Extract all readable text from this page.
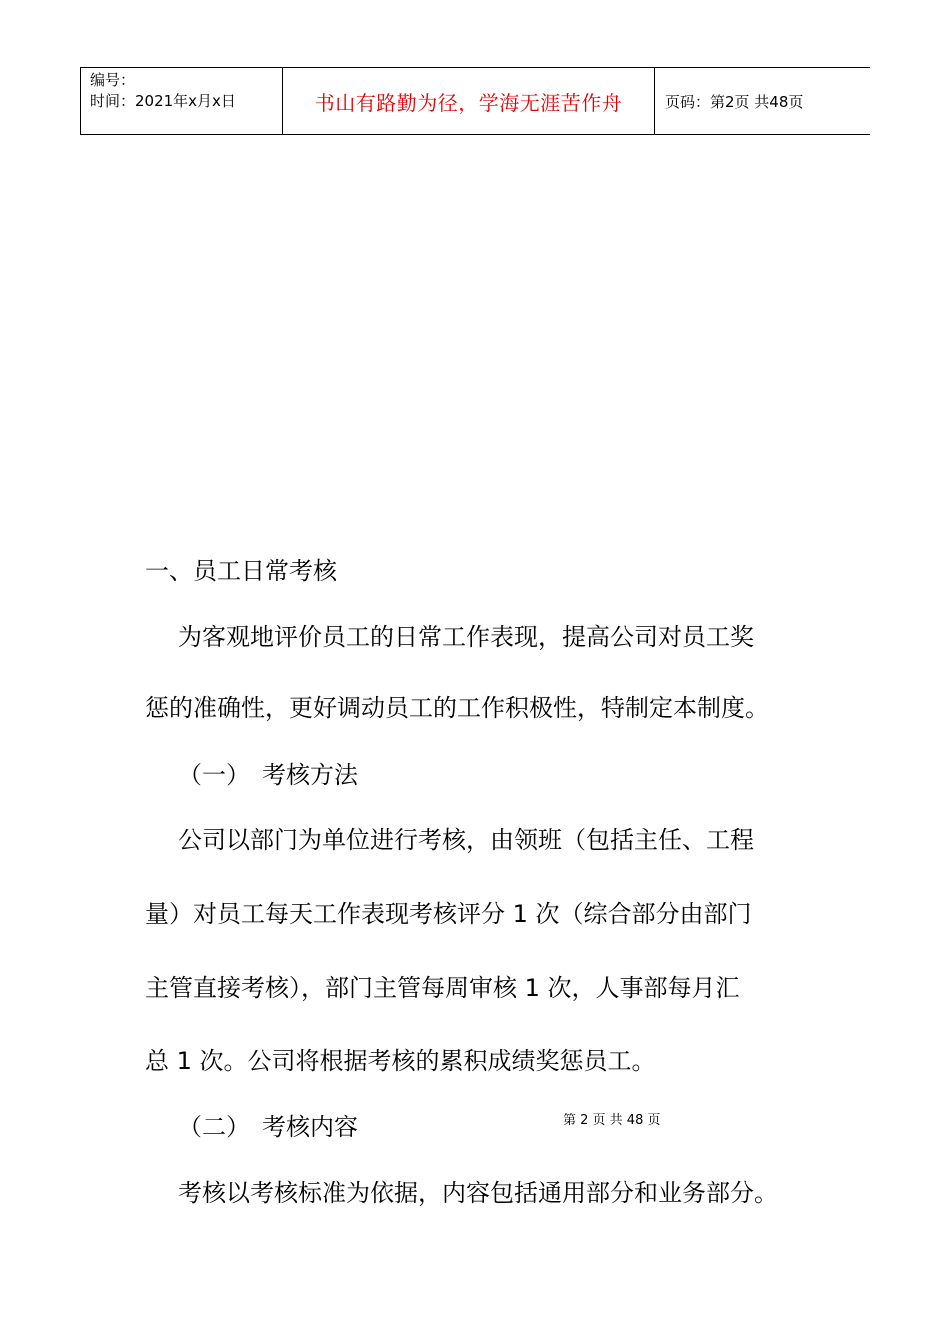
编号：
时间：2021年x月x日	书山有路勤为径，学海无涯苦作舟	页码：第2页 共48页
一、员工日常考核
为客观地评价员工的日常工作表现，提高公司对员工奖
惩的准确性，更好调动员工的工作积极性，特制定本制度。
（一）　考核方法
公司以部门为单位进行考核，由领班（包括主任、工程
量）对员工每天工作表现考核评分 1 次（综合部分由部门
主管直接考核），部门主管每周审核 1 次，人事部每月汇
总 1 次。公司将根据考核的累积成绩奖惩员工。
（二）　考核内容	第 2 页 共 48 页
考核以考核标准为依据，内容包括通用部分和业务部分。
